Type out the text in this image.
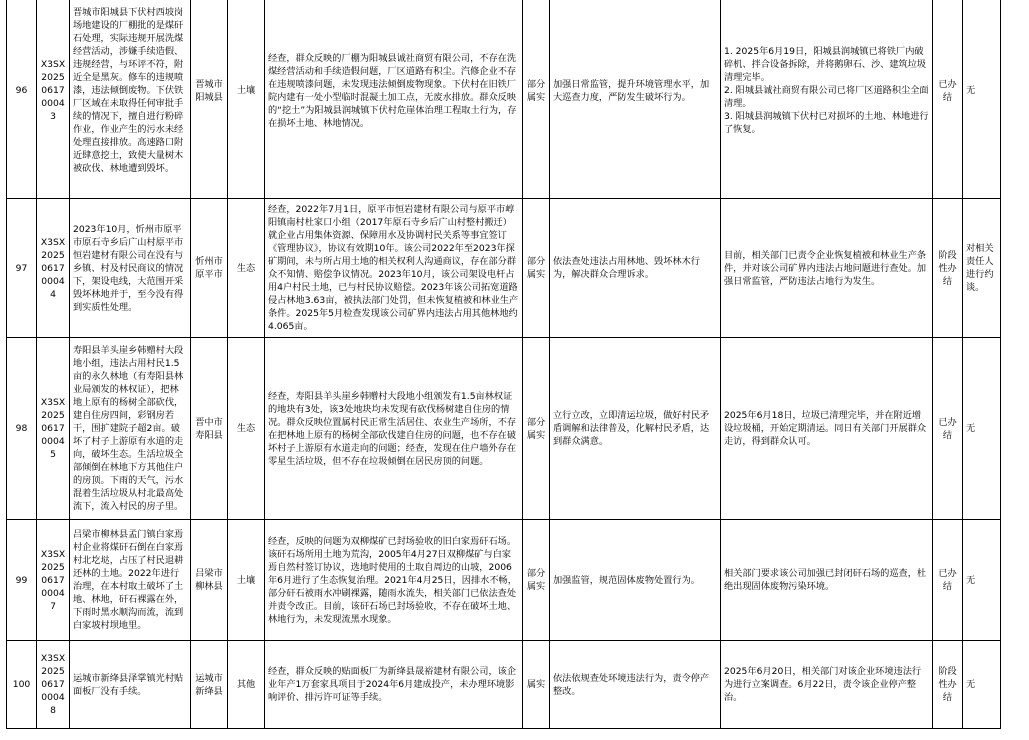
96	X3SX2025061700043	晋城市阳城县下伏村西坡岗场地建设的厂棚批的是煤矸石处理，实际违规开展洗煤经营活动，涉嫌手续造假、违规经营，与环评不符，附近全是黑灰。修车的违规喷漆，违法倾倒废物。下伏铁厂区域在未取得任何审批手续的情况下，擅自进行粉碎作业，作业产生的污水未经处理直接排放。高速路口附近肆意挖土，致使大量树木被砍伐、林地遭到毁坏。	晋城市阳城县	土壤	经查，群众反映的厂棚为阳城县诚社商贸有限公司，不存在洗煤经营活动和手续造假问题，厂区道路有积尘。汽修企业不存在违规喷漆问题，未发现违法倾倒废物现象。下伏村在旧铁厂院内建有一处小型临时混凝土加工点，无废水排放。群众反映的“挖土”为阳城县润城镇下伏村危崖体治理工程取土行为，存在损坏土地、林地情况。	部分属实	加强日常监管，提升环境管理水平，加大巡查力度，严防发生破坏行为。	1. 2025年6月19日，阳城县润城镇已将铁厂内破碎机、拌合设备拆除，并将鹅卵石、沙、建筑垃圾清理完毕。
2. 阳城县诚社商贸有限公司已将厂区道路积尘全面清理。
3. 阳城县润城镇下伏村已对损坏的土地、林地进行了恢复。	已办结	无
97	X3SX2025061700044	2023年10月，忻州市原平市原石寺乡后广山村原平市恒岩建材有限公司在没有与乡镇、村及村民商议的情况下，架设电线，大范围开采毁坏林地并于，至今没有得到实质性处理。	忻州市原平市	生态	经查，2022年7月1日，原平市恒岩建材有限公司与原平市崞阳镇南村杜家口小组（2017年原石寺乡后广山村整村搬迁）就企业占用集体资源、保障用水及协调村民关系等事宜签订《管理协议》，协议有效期10年。该公司2022年至2023年探矿期间，未与所占用土地的相关权利人沟通商议，存在部分群众不知情、赔偿争议情况。2023年10月，该公司架设电杆占用4户村民土地，已与村民协议赔偿。2023年该公司拓宽道路侵占林地3.63亩，被执法部门处罚，但未恢复植被和林业生产条件。2025年5月检查发现该公司矿界内违法占用其他林地约4.065亩。	部分属实	依法查处违法占用林地、毁坏林木行为，解决群众合理诉求。	目前，相关部门已责令企业恢复植被和林业生产条件，并对该公司矿界内违法占地问题进行查处。加强日常监管，严防违法占地行为发生。	阶段性办结	对相关责任人进行约谈。
98	X3SX2025061700045	寿阳县羊头崖乡韩赠村大段地小组，违法占用村民1.5亩的永久林地（有寿阳县林业局颁发的林权证），把林地上原有的杨树全部砍伐，建自住房四间，彩钢房若干，围扩建院子超2亩。破坏了村子上游原有水道的走向，破坏生态。生活垃圾全部倾倒在林地下方其他住户的房顶。下雨的天气，污水混着生活垃圾从村北最高处流下，流入村民的房子里。	晋中市寿阳县	生态	经查，寿阳县羊头崖乡韩赠村大段地小组颁发有1.5亩林权证的地块有3处，该3处地块均未发现有砍伐杨树建自住房的情况。群众反映位置属村民正常生活居住、农业生产场所，不存在把林地上原有的杨树全部砍伐建自住房的问题，也不存在破坏村子上游原有水道走向的问题；经查，发现在住户墙外存在零星生活垃圾，但不存在垃圾倾倒在居民房顶的问题。	部分属实	立行立改，立即清运垃圾，做好村民矛盾调解和法律普及，化解村民矛盾，达到群众满意。	2025年6月18日，垃圾已清理完毕，并在附近增设垃圾桶，开始定期清运。同日有关部门开展群众走访，得到群众认可。	已办结	无
99	X3SX2025061700047	吕梁市柳林县孟门镇白家焉村企业将煤矸石倒在白家焉村北圪垯，占压了村民退耕还林的土地。2022年进行治理，在本村取土破坏了土地、林地，矸石裸露在外，下雨时黑水顺沟而流，流到白家坡村坝地里。	吕梁市柳林县	土壤	经查，反映的问题为双柳煤矿已封场验收的旧白家焉矸石场。该矸石场所用土地为荒沟，2005年4月27日双柳煤矿与白家焉自然村签订协议，选地时使用的土取自周边的山坡，2006年6月进行了生态恢复治理。2021年4月25日，因排水不畅，部分矸石被雨水冲刷裸露，随雨水流失，相关部门已依法查处并责令改正。目前，该矸石场已封场验收，不存在破坏土地、林地行为，未发现流黑水现象。	部分属实	加强监管，规范固体废物处置行为。	相关部门要求该公司加强已封闭矸石场的巡查，杜绝出现固体废物污染环境。	已办结	无
100	X3SX2025061700048	运城市新绛县泽掌镇光村贴面板厂没有手续。	运城市新绛县	其他	经查，群众反映的贴面板厂为新绛县晟裕建材有限公司，该企业年产1万套家具项目于2024年6月建成投产，未办理环境影响评价、排污许可证等手续。	属实	依法依规查处环境违法行为，责令停产整改。	2025年6月20日，相关部门对该企业环境违法行为进行立案调查。6月22日，责令该企业停产整治。	阶段性办结	无
